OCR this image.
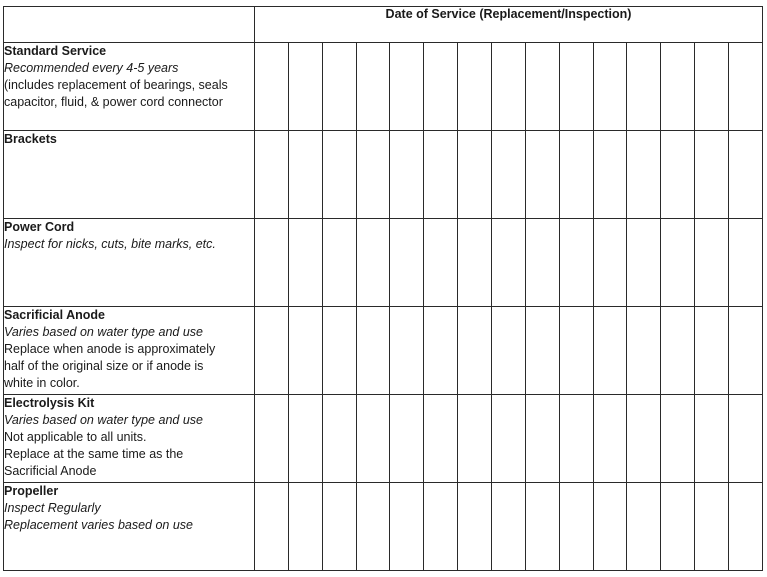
	Date of Service (Replacement/Inspection)														

Standard Service
Recommended every 4-5 years
(includes replacement of bearings, seals
capacitor, fluid, & power cord connector															

Brackets															

Power Cord
Inspect for nicks, cuts, bite marks, etc.															

Sacrificial Anode
Varies based on water type and use
Replace when anode is approximately
half of the original size or if anode is
white in color.															

Electrolysis Kit
Varies based on water type and use
Not applicable to all units.
Replace at the same time as the
Sacrificial Anode															

Propeller
Inspect Regularly
Replacement varies based on use															
